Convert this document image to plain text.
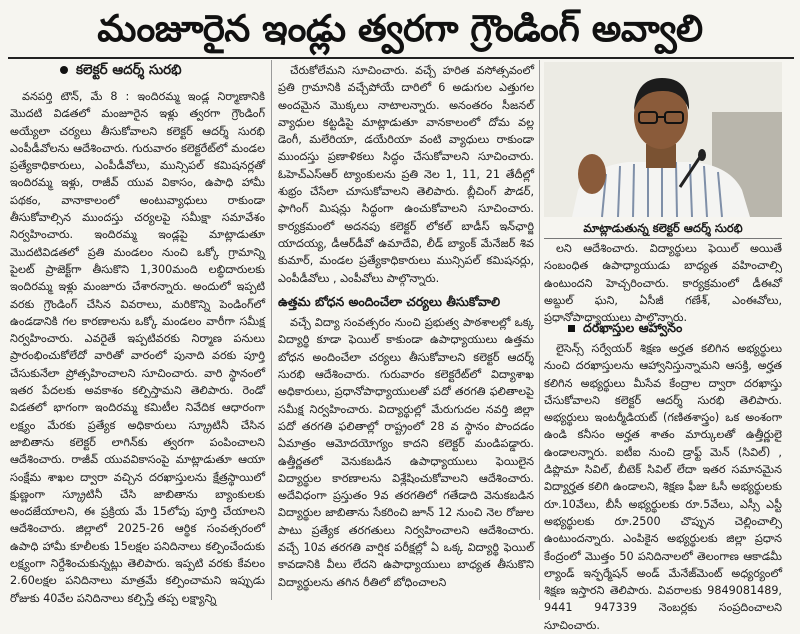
మంజూరైన ఇండ్లు త్వరగా గ్రౌండింగ్ అవ్వాలి
కలెక్టర్ ఆదర్శ్ సురభి

వనపర్తి టౌన్, మే 8 : ఇందిరమ్మ ఇండ్ల నిర్మాణానికి మొదటి విడతలో మంజూరైన ఇళ్లు త్వరగా గ్రౌండింగ్ అయ్యేలా చర్యలు తీసుకోవాలని కలెక్టర్ ఆదర్శ్ సురభి ఎంపీడీవోలను ఆదేశించారు. గురువారం కలెక్టరేట్‌లో మండల ప్రత్యేకాధికారులు, ఎంపీడీవోలు, మున్సిపల్ కమిషనర్లతో ఇందిరమ్మ ఇళ్లు, రాజీవ్ యువ వికాసం, ఉపాధి హామీ పథకం, వానాకాలంలో అంటువ్యాధులు రాకుండా తీసుకోవాల్సిన ముందస్తు చర్యలపై సమీక్షా సమావేశం నిర్వహించారు. ఇందిరమ్మ ఇండ్లపై మాట్లాడుతూ మొదటివిడతలో ప్రతి మండలం నుంచి ఒక్కో గ్రామాన్ని పైలట్ ప్రాజెక్ట్‌గా తీసుకొని 1,300మంది లబ్ధిదారులకు ఇందిరమ్మ ఇళ్లు మంజూరు చేశారన్నారు. అందులో ఇప్పటి వరకు గ్రౌండింగ్ చేసిన వివరాలు, మరికొన్ని పెండింగ్‌లో ఉండడానికి గల కారణాలను ఒక్కో మండలం వారీగా సమీక్ష నిర్వహించారు. ఎవరైతే ఇప్పటివరకు నిర్మాణ పనులు ప్రారంభించుకోలేదో వారితో వారంలో పునాది వరకు పూర్తి చేసుకునేలా ప్రోత్సహించాలని సూచించారు. వారి స్థానంలో ఇతర పేదలకు అవకాశం కల్పిస్తామని తెలిపారు. రెండో విడతలో భాగంగా ఇందిరమ్మ కమిటీల నివేదిక ఆధారంగా లక్ష్యం మేరకు ప్రత్యేక అధికారులు స్క్రూటినీ చేసిన జాబితాను కలెక్టర్ లాగిన్‌కు త్వరగా పంపించాలని ఆదేశించారు. రాజీవ్ యువవికాసంపై మాట్లాడుతూ ఆయా సంక్షేమ శాఖల ద్వారా వచ్చిన దరఖాస్తులను క్షేత్రస్థాయిలో క్షుణ్ణంగా స్క్రూటినీ చేసి జాబితాను బ్యాంకులకు అందజేయాలని, ఈ ప్రక్రియ మే 15లోపు పూర్తి చేయాలని ఆదేశించారు. జిల్లాలో 2025-26 ఆర్థిక సంవత్సరంలో ఉపాధి హామీ కూలీలకు 15లక్షల పనిదినాలు కల్పించేందుకు లక్ష్యంగా నిర్దేశించుకున్నట్లు తెలిపారు. ఇప్పటి వరకు కేవలం 2.60లక్షల పనిదినాలు మాత్రమే కల్పించామని ఇప్పుడు రోజుకు 40వేల పనిదినాలు కల్పిస్తే తప్ప లక్ష్యాన్ని

చేరుకోలేమని సూచించారు. వచ్చే హరిత వసోత్సవంలో ప్రతి గ్రామానికి వచ్చేపోయే దారిలో 6 అడుగుల ఎత్తుగల అందమైన మొక్కలు నాటాలన్నారు. అనంతరం సీజనల్ వ్యాధుల కట్టడిపై మాట్లాడుతూ వానకాలంలో దోమ వల్ల డెంగీ, మలేరియా, డయేరియా వంటి వ్యాధులు రాకుండా ముందస్తు ప్రణాళికలు సిద్ధం చేసుకోవాలని సూచించారు. ఓహెచ్ఎస్ఆర్ ట్యాంకులను ప్రతి నెల 1, 11, 21 తేదీల్లో శుభ్రం చేసేలా చూసుకోవాలని తెలిపారు. బ్లీచింగ్ పౌడర్, ఫాగింగ్ మిషన్లు సిద్ధంగా ఉంచుకోవాలని సూచించారు. కార్యక్రమంలో అదనపు కలెక్టర్ లోకల్ బాడీస్ ఇన్‌ఛార్జి యాదయ్య, డీఆర్‌డీవో ఉమాదేవి, లీడ్ బ్యాంక్ మేనేజర్ శివ కుమార్, మండల ప్రత్యేకాధికారులు మున్సిపల్ కమిషనర్లు, ఎంపీడీవోలు , ఎంపీవోలు పాల్గొన్నారు.

ఉత్తమ బోధన అందించేలా చర్యలు తీసుకోవాలి

వచ్చే విద్యా సంవత్సరం నుంచి ప్రభుత్వ పాఠశాలల్లో ఒక్క విద్యార్థి కూడా ఫెయిల్ కాకుండా ఉపాధ్యాయులు ఉత్తమ బోధన అందించేలా చర్యలు తీసుకోవాలని కలెక్టర్ ఆదర్శ్ సురభి ఆదేశించారు. గురువారం కలెక్టరేట్‌లో విద్యాశాఖ అధికారులు, ప్రధానోపాధ్యాయులతో పదో తరగతి ఫలితాలపై సమీక్ష నిర్వహించారు. విద్యార్థుల్లో మేరుగుదల నవర్తి జిల్లా పదో తరగతి ఫలితాల్లో రాష్ట్రంలో 28 వ స్థానం పొందడం ఏమాత్రం ఆమోదయోగ్యం కాదని కలెక్టర్ మండిపడ్డారు. ఉత్తీర్ణతలో వెనుకబడిన ఉపాధ్యాయులు ఫెయిలైన విద్యార్థుల కారణాలను విశ్లేషించుకోవాలని ఆదేశించారు. అదేవిధంగా ప్రస్తుతం 9వ తరగతిలో గతేడాది వెనుకబడిన విద్యార్థుల జాబితాను సేకరించి జూన్ 12 నుంచి నెల రోజుల పాటు ప్రత్యేక తరగతులు నిర్వహించాలని ఆదేశించారు. వచ్చే 10వ తరగతి వార్షిక పరీక్షల్లో ఏ ఒక్క విద్యార్థి ఫెయిల్ కావడానికి వీలు లేదని ఉపాధ్యాయులు బాధ్యత తీసుకొని విద్యార్థులను తగిన రీతిలో బోధించాలని

మాట్లాడుతున్న కలెక్టర్ ఆదర్శ్ సురభి

లని ఆదేశించారు. విద్యార్థులు ఫెయిల్ అయితే సంబంధిత ఉపాధ్యాయుడు బాధ్యత వహించాల్సి ఉంటుందని హెచ్చరించారు. కార్యక్రమంలో డీఈవో అబ్దుల్ ఘని, ఏసీజీ గణేశ్, ఎంఈవోలు, ప్రధానోపాధ్యాయులు పాల్గొన్నారు.

దరఖాస్తుల ఆహ్వానం

లైసెన్స్ సర్వేయర్ శిక్షణ అర్హత కలిగిన అభ్యర్థులు నుంచి దరఖాస్తులను ఆహ్వానిస్తున్నామని ఆసక్తి, అర్హత కలిగిన అభ్యర్థులు మీసేవ కేంద్రాల ద్వారా దరఖాస్తు చేసుకోవాలని కలెక్టర్ ఆదర్శ్ సురభి తెలిపారు. అభ్యర్థులు ఇంటర్మీడియట్ (గణితశాస్త్రం) ఒక అంశంగా ఉండి కనీసం అర్హత శాతం మార్కులతో ఉత్తీర్ణులై ఉండాలన్నారు. ఐటీఐ నుంచి డ్రాఫ్ట్ మెన్ (సివిల్) , డిప్లొమా సివిల్, బీటెక్ సివిల్ లేదా ఇతర సమానమైన విద్యార్హత కలిగి ఉండాలని, శిక్షణ ఫీజు ఓసీ అభ్యర్థులకు రూ.10వేలు, బీసీ అభ్యర్థులకు రూ.5వేలు, ఎస్సీ ఎస్టీ అభ్యర్థులకు రూ.2500 చొప్పున చెల్లించాల్సి ఉంటుందన్నారు. ఎంపికైన అభ్యర్థులకు జిల్లా ప్రధాన కేంద్రంలో మొత్తం 50 పనిదినాలలో తెలంగాణ ఆకాడమీ ల్యాండ్ ఇన్ఫర్మేషన్ అండ్ మేనేజ్‌మెంట్ అధ్యర్యంలో శిక్షణ ఇస్తారని తెలిపారు. వివరాలకు 9849081489, 9441 947339 నెంబర్లకు సంప్రదించాలని సూచించారు.
